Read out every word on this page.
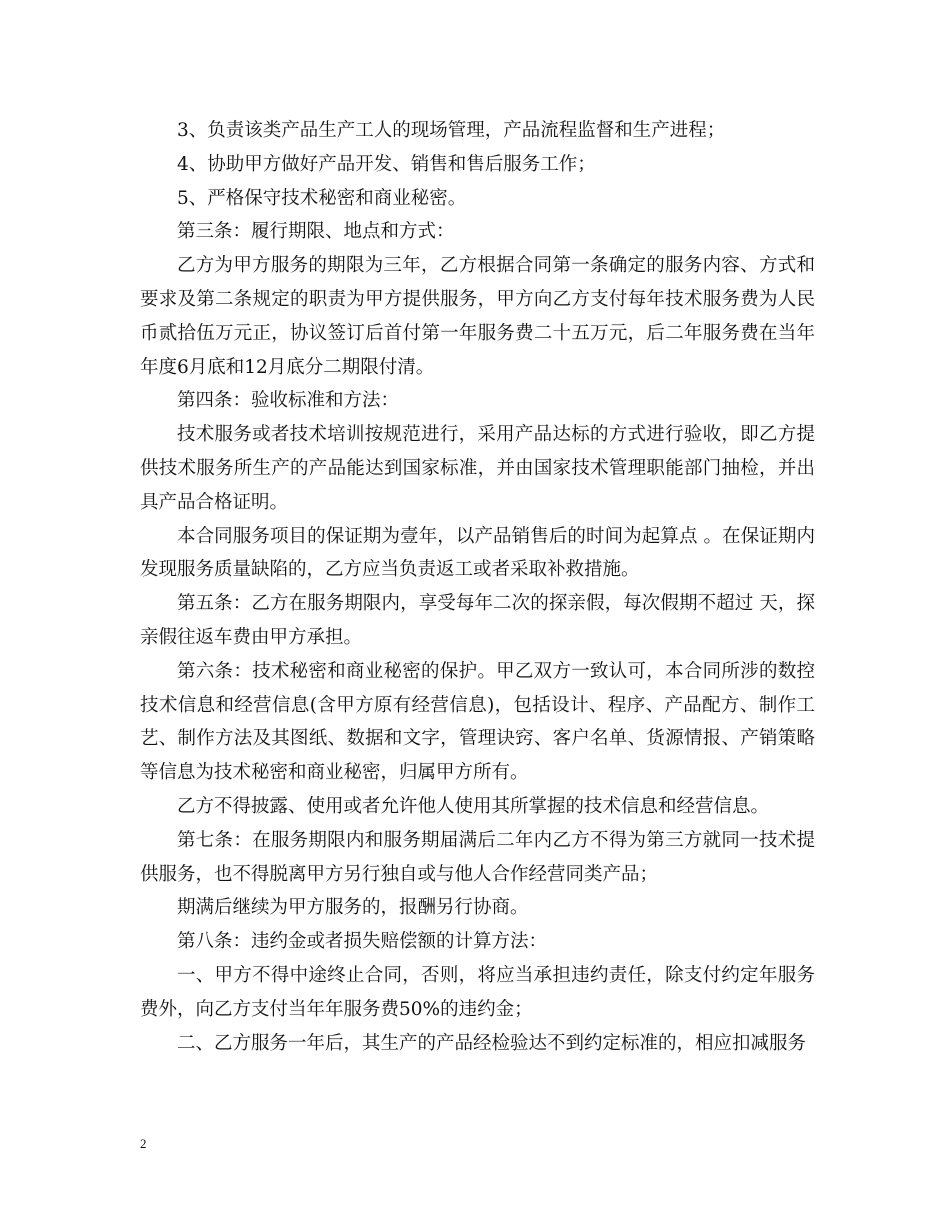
3、负责该类产品生产工人的现场管理，产品流程监督和生产进程；

4、协助甲方做好产品开发、销售和售后服务工作；

5、严格保守技术秘密和商业秘密。

第三条：履行期限、地点和方式：

乙方为甲方服务的期限为三年，乙方根据合同第一条确定的服务内容、方式和要求及第二条规定的职责为甲方提供服务，甲方向乙方支付每年技术服务费为人民币贰拾伍万元正，协议签订后首付第一年服务费二十五万元，后二年服务费在当年年度6月底和12月底分二期限付清。

第四条：验收标准和方法：

技术服务或者技术培训按规范进行，采用产品达标的方式进行验收，即乙方提供技术服务所生产的产品能达到国家标准，并由国家技术管理职能部门抽检，并出具产品合格证明。

本合同服务项目的保证期为壹年，以产品销售后的时间为起算点 。在保证期内发现服务质量缺陷的，乙方应当负责返工或者采取补救措施。

第五条：乙方在服务期限内，享受每年二次的探亲假，每次假期不超过 天，探亲假往返车费由甲方承担。

第六条：技术秘密和商业秘密的保护。甲乙双方一致认可，本合同所涉的数控技术信息和经营信息(含甲方原有经营信息)，包括设计、程序、产品配方、制作工艺、制作方法及其图纸、数据和文字，管理诀窍、客户名单、货源情报、产销策略等信息为技术秘密和商业秘密，归属甲方所有。

乙方不得披露、使用或者允许他人使用其所掌握的技术信息和经营信息。

第七条：在服务期限内和服务期届满后二年内乙方不得为第三方就同一技术提供服务，也不得脱离甲方另行独自或与他人合作经营同类产品；

期满后继续为甲方服务的，报酬另行协商。

第八条：违约金或者损失赔偿额的计算方法：

一、甲方不得中途终止合同，否则，将应当承担违约责任，除支付约定年服务费外，向乙方支付当年年服务费50%的违约金；

二、乙方服务一年后，其生产的产品经检验达不到约定标准的，相应扣减服务

2
